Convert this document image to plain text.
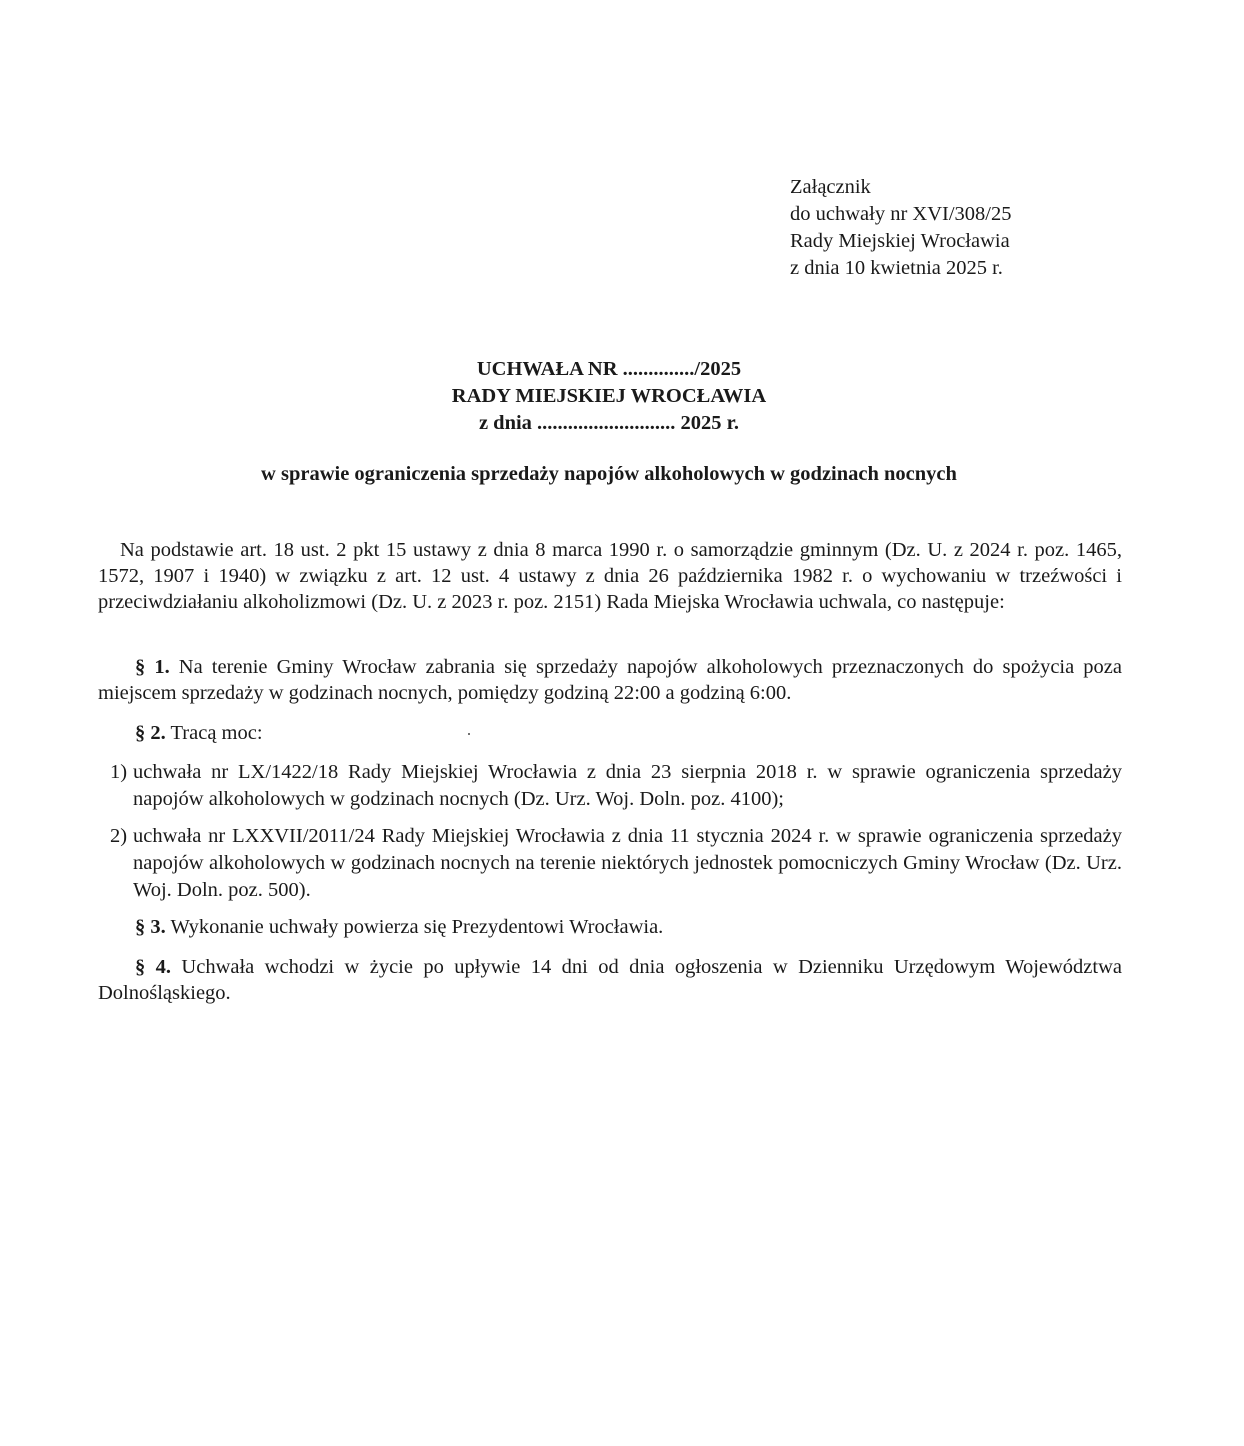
Załącznik
do uchwały nr XVI/308/25
Rady Miejskiej Wrocławia
z dnia 10 kwietnia 2025 r.
UCHWAŁA NR ............../2025
RADY MIEJSKIEJ WROCŁAWIA
z dnia ........................... 2025 r.
w sprawie ograniczenia sprzedaży napojów alkoholowych w godzinach nocnych
Na podstawie art. 18 ust. 2 pkt 15 ustawy z dnia 8 marca 1990 r. o samorządzie gminnym (Dz. U. z 2024 r. poz. 1465, 1572, 1907 i 1940) w związku z art. 12 ust. 4 ustawy z dnia 26 października 1982 r. o wychowaniu w trzeźwości i przeciwdziałaniu alkoholizmowi (Dz. U. z 2023 r. poz. 2151) Rada Miejska Wrocławia uchwala, co następuje:
§ 1. Na terenie Gminy Wrocław zabrania się sprzedaży napojów alkoholowych przeznaczonych do spożycia poza miejscem sprzedaży w godzinach nocnych, pomiędzy godziną 22:00 a godziną 6:00.
§ 2. Tracą moc:
1) uchwała nr LX/1422/18 Rady Miejskiej Wrocławia z dnia 23 sierpnia 2018 r. w sprawie ograniczenia sprzedaży napojów alkoholowych w godzinach nocnych (Dz. Urz. Woj. Doln. poz. 4100);
2) uchwała nr LXXVII/2011/24 Rady Miejskiej Wrocławia z dnia 11 stycznia 2024 r. w sprawie ograniczenia sprzedaży napojów alkoholowych w godzinach nocnych na terenie niektórych jednostek pomocniczych Gminy Wrocław (Dz. Urz. Woj. Doln. poz. 500).
§ 3. Wykonanie uchwały powierza się Prezydentowi Wrocławia.
§ 4. Uchwała wchodzi w życie po upływie 14 dni od dnia ogłoszenia w Dzienniku Urzędowym Województwa Dolnośląskiego.
